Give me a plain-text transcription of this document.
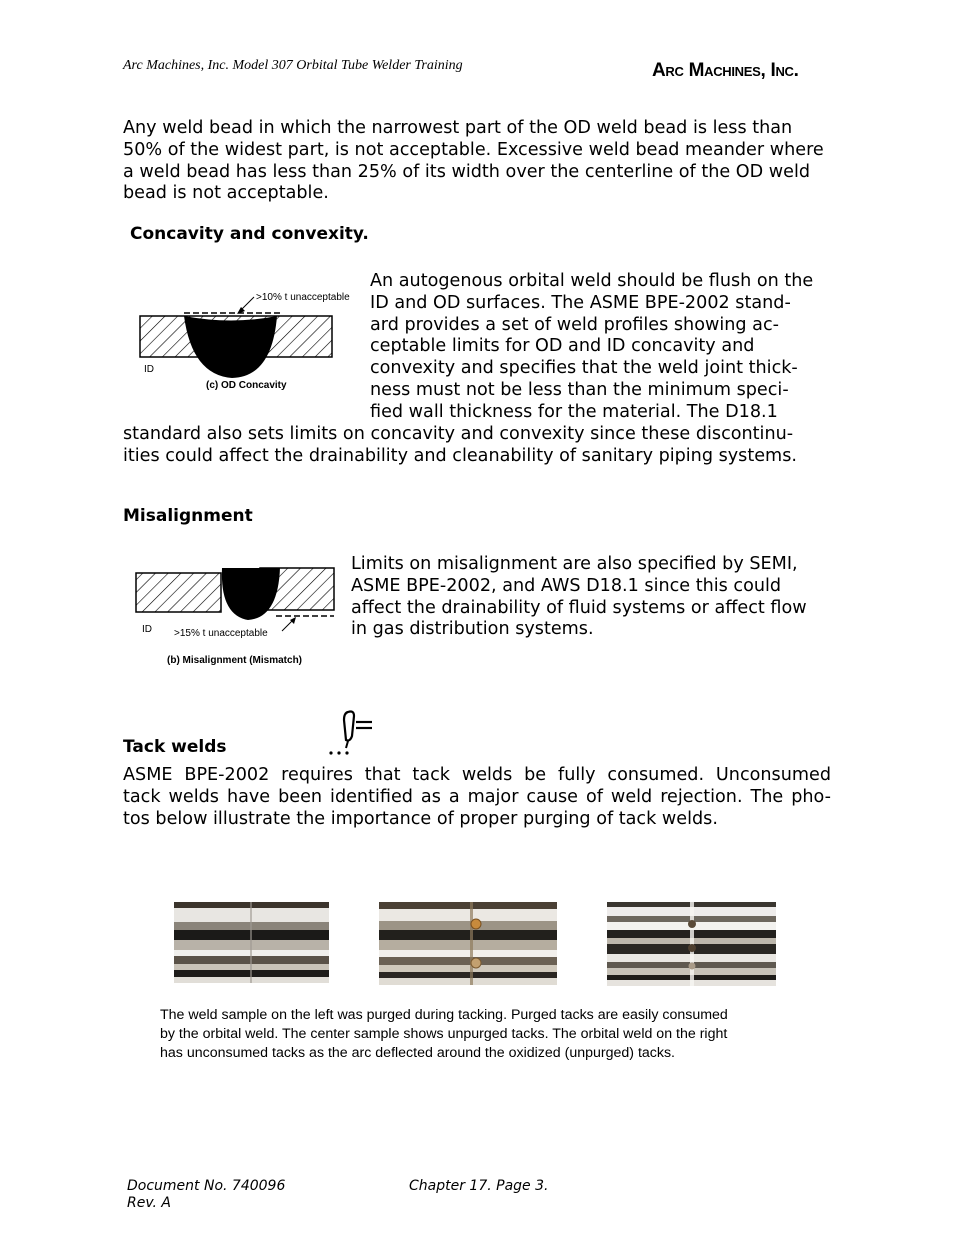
Arc Machines, Inc. Model 307 Orbital Tube Welder Training	Arc Machines, Inc.
Any weld bead in which the narrowest part of the OD weld bead is less than 50% of the widest part, is not acceptable. Excessive weld bead meander where a weld bead has less than 25% of its width over the centerline of the OD weld bead is not acceptable.
Concavity and convexity.
>10% t unacceptable
ID
(c) OD Concavity
An autogenous orbital weld should be flush on the
ID and OD surfaces. The ASME BPE-2002 stand-
ard provides a set of weld profiles showing ac-
ceptable limits for OD and ID concavity and
convexity and specifies that the weld joint thick-
ness must not be less than the minimum speci-
fied wall thickness for the material. The D18.1
standard also sets limits on concavity and convexity since these discontinu-
ities could affect the drainability and cleanability of sanitary piping systems.
Misalignment
ID >15% t unacceptable
(b) Misalignment (Mismatch)
Limits on misalignment are also specified by SEMI,
ASME BPE-2002, and AWS D18.1 since this could
affect the drainability of fluid systems or affect flow
in gas distribution systems.
Tack welds
ASME BPE-2002 requires that tack welds be fully consumed. Unconsumed
tack welds have been identified as a major cause of weld rejection. The pho-
tos below illustrate the importance of proper purging of tack welds.
The weld sample on the left was purged during tacking. Purged tacks are easily consumed
by the orbital weld. The center sample shows unpurged tacks. The orbital weld on the right
has unconsumed tacks as the arc deflected around the oxidized (unpurged) tacks.
Document No. 740096
Rev. A
Chapter 17. Page 3.
